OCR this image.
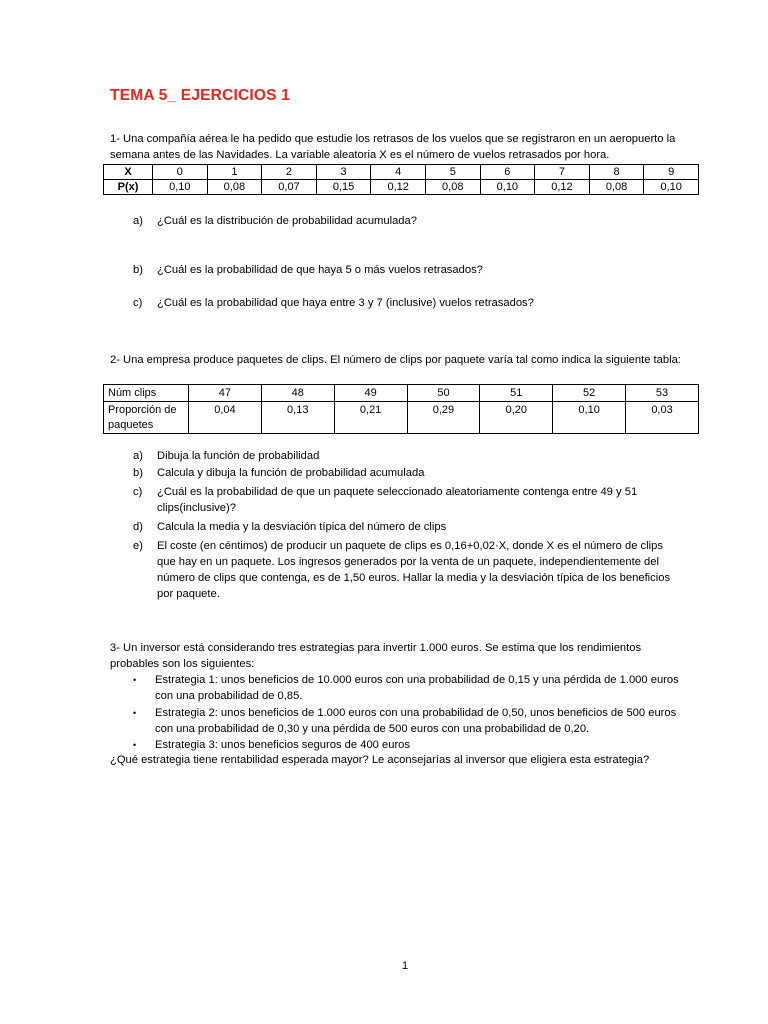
TEMA 5_ EJERCICIOS 1
1- Una compañía aérea le ha pedido que estudie los retrasos de los vuelos que se registraron en un aeropuerto la semana antes de las Navidades. La variable aleatoria X es el número de vuelos retrasados por hora.
X	0	1	2	3	4	5	6	7	8	9
P(x)	0,10	0,08	0,07	0,15	0,12	0,08	0,10	0,12	0,08	0,10
a) ¿Cuál es la distribución de probabilidad acumulada?
b) ¿Cuál es la probabilidad de que haya 5 o más vuelos retrasados?
c) ¿Cuál es la probabilidad que haya entre 3 y 7 (inclusive) vuelos retrasados?
2- Una empresa produce paquetes de clips. El número de clips por paquete varía tal como indica la siguiente tabla:
Núm clips	47	48	49	50	51	52	53
Proporción de paquetes	0,04	0,13	0,21	0,29	0,20	0,10	0,03
a) Dibuja la función de probabilidad
b) Calcula y dibuja la función de probabilidad acumulada
c) ¿Cuál es la probabilidad de que un paquete seleccionado aleatoriamente contenga entre 49 y 51 clips(inclusive)?
d) Calcula la media y la desviación típica del número de clips
e) El coste (en céntimos) de producir un paquete de clips es 0,16+0,02·X, donde X es el número de clips que hay en un paquete. Los ingresos generados por la venta de un paquete, independientemente del número de clips que contenga, es de 1,50 euros. Hallar la media y la desviación típica de los beneficios por paquete.
3- Un inversor está considerando tres estrategias para invertir 1.000 euros. Se estima que los rendimientos probables son los siguientes:
• Estrategia 1: unos beneficios de 10.000 euros con una probabilidad de 0,15 y una pérdida de 1.000 euros con una probabilidad de 0,85.
• Estrategia 2: unos beneficios de 1.000 euros con una probabilidad de 0,50, unos beneficios de 500 euros con una probabilidad de 0,30 y una pérdida de 500 euros con una probabilidad de 0,20.
• Estrategia 3: unos beneficios seguros de 400 euros
¿Qué estrategia tiene rentabilidad esperada mayor? Le aconsejarías al inversor que eligiera esta estrategia?
1
